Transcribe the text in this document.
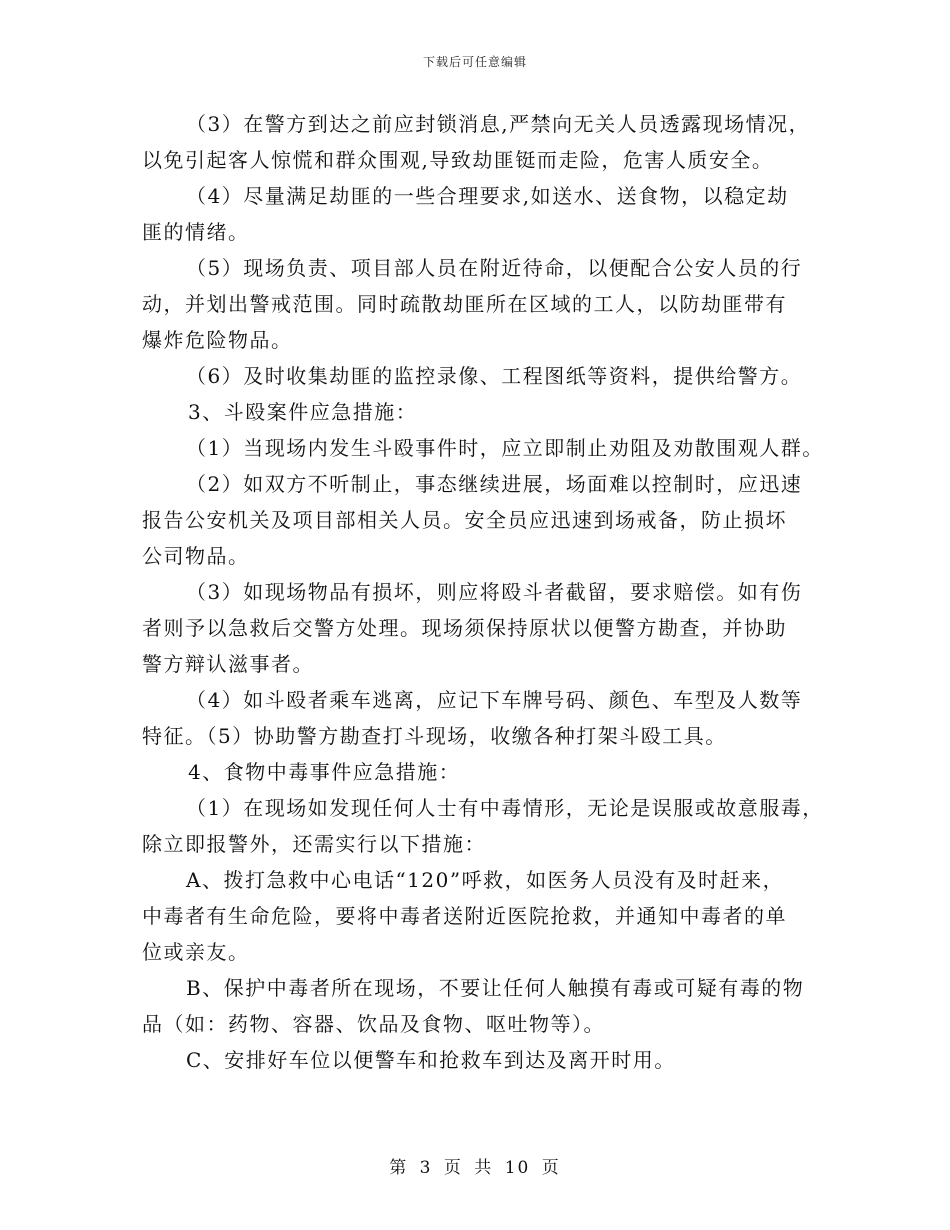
下载后可任意编辑
（3）在警方到达之前应封锁消息,严禁向无关人员透露现场情况，
以免引起客人惊慌和群众围观,导致劫匪铤而走险，危害人质安全。
（4）尽量满足劫匪的一些合理要求,如送水、送食物，以稳定劫
匪的情绪。
（5）现场负责、项目部人员在附近待命，以便配合公安人员的行
动，并划出警戒范围。同时疏散劫匪所在区域的工人，以防劫匪带有
爆炸危险物品。
（6）及时收集劫匪的监控录像、工程图纸等资料，提供给警方。
3、斗殴案件应急措施：
（1）当现场内发生斗殴事件时，应立即制止劝阻及劝散围观人群。
（2）如双方不听制止，事态继续进展，场面难以控制时，应迅速
报告公安机关及项目部相关人员。安全员应迅速到场戒备，防止损坏
公司物品。
（3）如现场物品有损坏，则应将殴斗者截留，要求赔偿。如有伤
者则予以急救后交警方处理。现场须保持原状以便警方勘查，并协助
警方辩认滋事者。
（4）如斗殴者乘车逃离，应记下车牌号码、颜色、车型及人数等
特征。（5）协助警方勘查打斗现场，收缴各种打架斗殴工具。
4、食物中毒事件应急措施：
（1）在现场如发现任何人士有中毒情形，无论是误服或故意服毒，
除立即报警外，还需实行以下措施：
A、拨打急救中心电话“120”呼救，如医务人员没有及时赶来，
中毒者有生命危险，要将中毒者送附近医院抢救，并通知中毒者的单
位或亲友。
B、保护中毒者所在现场，不要让任何人触摸有毒或可疑有毒的物
品（如：药物、容器、饮品及食物、呕吐物等）。
C、安排好车位以便警车和抢救车到达及离开时用。
第 3 页 共 10 页
